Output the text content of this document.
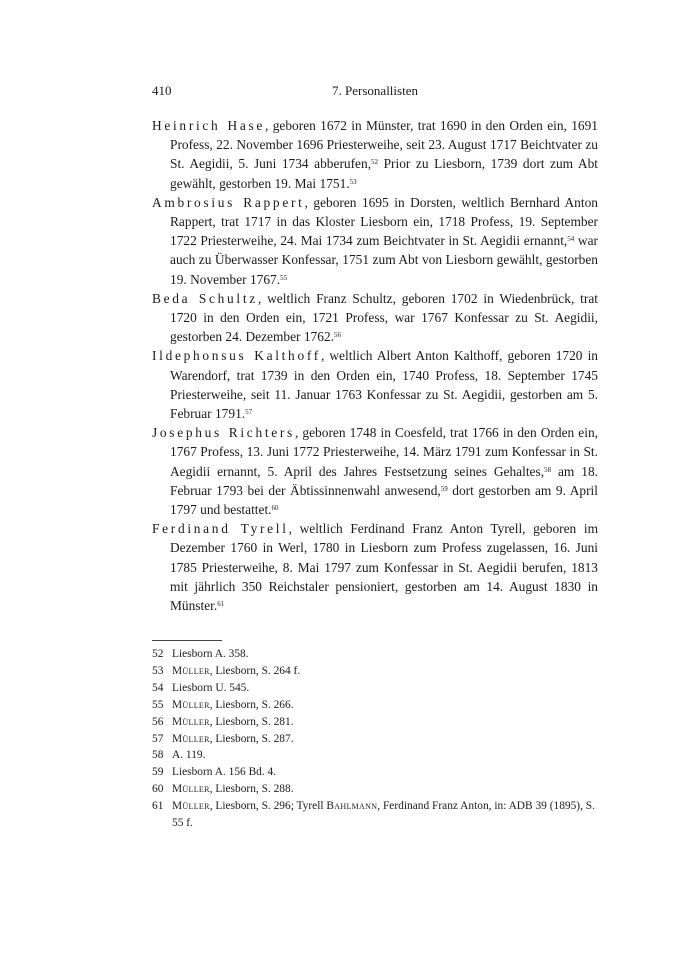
410	7. Personallisten

Heinrich Hase, geboren 1672 in Münster, trat 1690 in den Orden ein, 1691 Profess, 22. November 1696 Priesterweihe, seit 23. August 1717 Beichtvater zu St. Aegidii, 5. Juni 1734 abberufen,$^{52}$ Prior zu Liesborn, 1739 dort zum Abt gewählt, gestorben 19. Mai 1751.53

Ambrosius Rappert, geboren 1695 in Dorsten, weltlich Bernhard Anton Rappert, trat 1717 in das Kloster Liesborn ein, 1718 Profess, 19. September 1722 Priesterweihe, 24. Mai 1734 zum Beichtvater in St. Aegidii ernannt,$^{54}$ war auch zu Überwasser Konfessar, 1751 zum Abt von Liesborn gewählt, gestorben 19. November 1767.55

Beda Schultz, weltlich Franz Schultz, geboren 1702 in Wiedenbrück, trat 1720 in den Orden ein, 1721 Profess, war 1767 Konfessar zu St. Aegidii, gestorben 24. Dezember 1762.56

Ildephonsus Kalthoff, weltlich Albert Anton Kalthoff, geboren 1720 in Warendorf, trat 1739 in den Orden ein, 1740 Profess, 18. September 1745 Priesterweihe, seit 11. Januar 1763 Konfessar zu St. Aegidii, gestorben am 5. Februar 1791.57

Josephus Richters, geboren 1748 in Coesfeld, trat 1766 in den Orden ein, 1767 Profess, 13. Juni 1772 Priesterweihe, 14. März 1791 zum Konfessar in St. Aegidii ernannt, 5. April des Jahres Festsetzung seines Gehaltes,$^{58}$ am 18. Februar 1793 bei der Äbtissinnenwahl anwesend,$^{59}$ dort gestorben am 9. April 1797 und bestattet.$^{60}$

Ferdinand Tyrell, weltlich Ferdinand Franz Anton Tyrell, geboren im Dezember 1760 in Werl, 1780 in Liesborn zum Profess zugelassen, 16. Juni 1785 Priesterweihe, 8. Mai 1797 zum Konfessar in St. Aegidii berufen, 1813 mit jährlich 350 Reichstaler pensioniert, gestorben am 14. August 1830 in Münster.$^{61}$

52 Liesborn A. 358.
53 Müller, Liesborn, S. 264 f.
54 Liesborn U. 545.
55 Müller, Liesborn, S. 266.
56 Müller, Liesborn, S. 281.
57 Müller, Liesborn, S. 287.
58 A. 119.
59 Liesborn A. 156 Bd. 4.
60 Müller, Liesborn, S. 288.
61 Müller, Liesborn, S. 296; Tyrell Bahlmann, Ferdinand Franz Anton, in: ADB 39 (1895), S. 55 f.
